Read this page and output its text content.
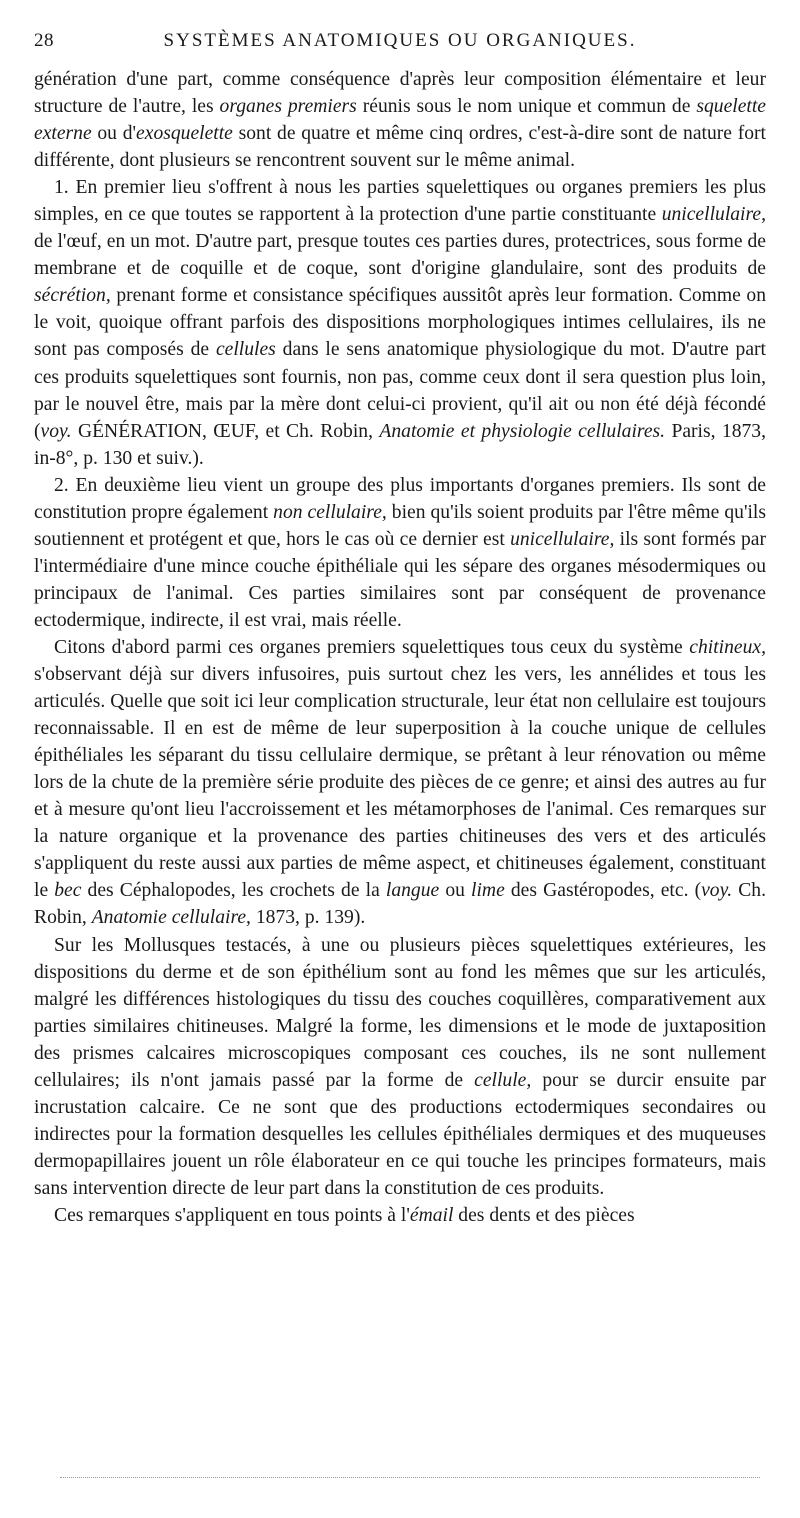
28	SYSTÈMES ANATOMIQUES OU ORGANIQUES.

génération d'une part, comme conséquence d'après leur composition élémentaire et leur structure de l'autre, les organes premiers réunis sous le nom unique et commun de squelette externe ou d'exosquelette sont de quatre et même cinq ordres, c'est-à-dire sont de nature fort différente, dont plusieurs se rencontrent souvent sur le même animal.

1. En premier lieu s'offrent à nous les parties squelettiques ou organes premiers les plus simples, en ce que toutes se rapportent à la protection d'une partie constituante unicellulaire, de l'œuf, en un mot. D'autre part, presque toutes ces parties dures, protectrices, sous forme de membrane et de coquille et de coque, sont d'origine glandulaire, sont des produits de sécrétion, prenant forme et consistance spécifiques aussitôt après leur formation. Comme on le voit, quoique offrant parfois des dispositions morphologiques intimes cellulaires, ils ne sont pas composés de cellules dans le sens anatomique physiologique du mot. D'autre part ces produits squelettiques sont fournis, non pas, comme ceux dont il sera question plus loin, par le nouvel être, mais par la mère dont celui-ci provient, qu'il ait ou non été déjà fécondé (voy. GÉNÉRATION, ŒUF, et Ch. Robin, Anatomie et physiologie cellulaires. Paris, 1873, in-8°, p. 130 et suiv.).

2. En deuxième lieu vient un groupe des plus importants d'organes premiers. Ils sont de constitution propre également non cellulaire, bien qu'ils soient produits par l'être même qu'ils soutiennent et protégent et que, hors le cas où ce dernier est unicellulaire, ils sont formés par l'intermédiaire d'une mince couche épithéliale qui les sépare des organes mésodermiques ou principaux de l'animal. Ces parties similaires sont par conséquent de provenance ectodermique, indirecte, il est vrai, mais réelle.

Citons d'abord parmi ces organes premiers squelettiques tous ceux du système chitineux, s'observant déjà sur divers infusoires, puis surtout chez les vers, les annélides et tous les articulés. Quelle que soit ici leur complication structurale, leur état non cellulaire est toujours reconnaissable. Il en est de même de leur superposition à la couche unique de cellules épithéliales les séparant du tissu cellulaire dermique, se prêtant à leur rénovation ou même lors de la chute de la première série produite des pièces de ce genre; et ainsi des autres au fur et à mesure qu'ont lieu l'accroissement et les métamorphoses de l'animal. Ces remarques sur la nature organique et la provenance des parties chitineuses des vers et des articulés s'appliquent du reste aussi aux parties de même aspect, et chitineuses également, constituant le bec des Céphalopodes, les crochets de la langue ou lime des Gastéropodes, etc. (voy. Ch. Robin, Anatomie cellulaire, 1873, p. 139).

Sur les Mollusques testacés, à une ou plusieurs pièces squelettiques extérieures, les dispositions du derme et de son épithélium sont au fond les mêmes que sur les articulés, malgré les différences histologiques du tissu des couches coquillères, comparativement aux parties similaires chitineuses. Malgré la forme, les dimensions et le mode de juxtaposition des prismes calcaires microscopiques composant ces couches, ils ne sont nullement cellulaires; ils n'ont jamais passé par la forme de cellule, pour se durcir ensuite par incrustation calcaire. Ce ne sont que des productions ectodermiques secondaires ou indirectes pour la formation desquelles les cellules épithéliales dermiques et des muqueuses dermopapillaires jouent un rôle élaborateur en ce qui touche les principes formateurs, mais sans intervention directe de leur part dans la constitution de ces produits.

Ces remarques s'appliquent en tous points à l'émail des dents et des pièces
